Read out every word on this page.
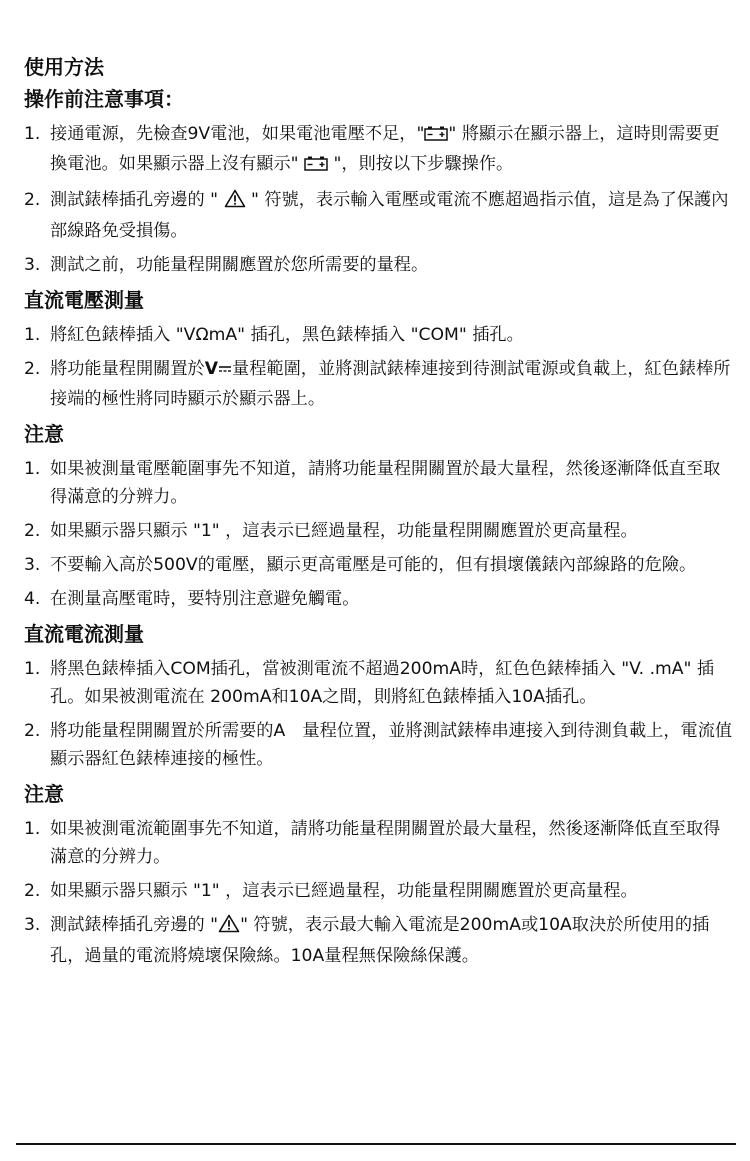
使用方法
操作前注意事項：
1. 接通電源，先檢查9V電池，如果電池電壓不足，" " 將顯示在顯示器上，這時則需要更換電池。如果顯示器上沒有顯示"  "，則按以下步驟操作。
2. 測試錶棒插孔旁邊的 "  " 符號，表示輸入電壓或電流不應超過指示值，這是為了保護內部線路免受損傷。
3. 測試之前，功能量程開關應置於您所需要的量程。
直流電壓測量
1. 將紅色錶棒插入 "VΩmA" 插孔，黑色錶棒插入 "COM" 插孔。
2. 將功能量程開關置於V 量程範圍，並將測試錶棒連接到待測試電源或負載上，紅色錶棒所接端的極性將同時顯示於顯示器上。
注意
1. 如果被測量電壓範圍事先不知道，請將功能量程開關置於最大量程，然後逐漸降低直至取得滿意的分辨力。
2. 如果顯示器只顯示 "1" ，這表示已經過量程，功能量程開關應置於更高量程。
3. 不要輸入高於500V的電壓，顯示更高電壓是可能的，但有損壞儀錶內部線路的危險。
4. 在測量高壓電時，要特別注意避免觸電。
直流電流測量
1. 將黑色錶棒插入COM插孔，當被測電流不超過200mA時，紅色色錶棒插入 "V. .mA" 插孔。如果被測電流在 200mA和10A之間，則將紅色錶棒插入10A插孔。
2. 將功能量程開關置於所需要的A　量程位置，並將測試錶棒串連接入到待測負載上，電流值顯示器紅色錶棒連接的極性。
注意
1. 如果被測電流範圍事先不知道，請將功能量程開關置於最大量程，然後逐漸降低直至取得滿意的分辨力。
2. 如果顯示器只顯示 "1" ，這表示已經過量程，功能量程開關應置於更高量程。
3. 測試錶棒插孔旁邊的 " " 符號，表示最大輸入電流是200mA或10A取決於所使用的插孔，過量的電流將燒壞保險絲。10A量程無保險絲保護。
